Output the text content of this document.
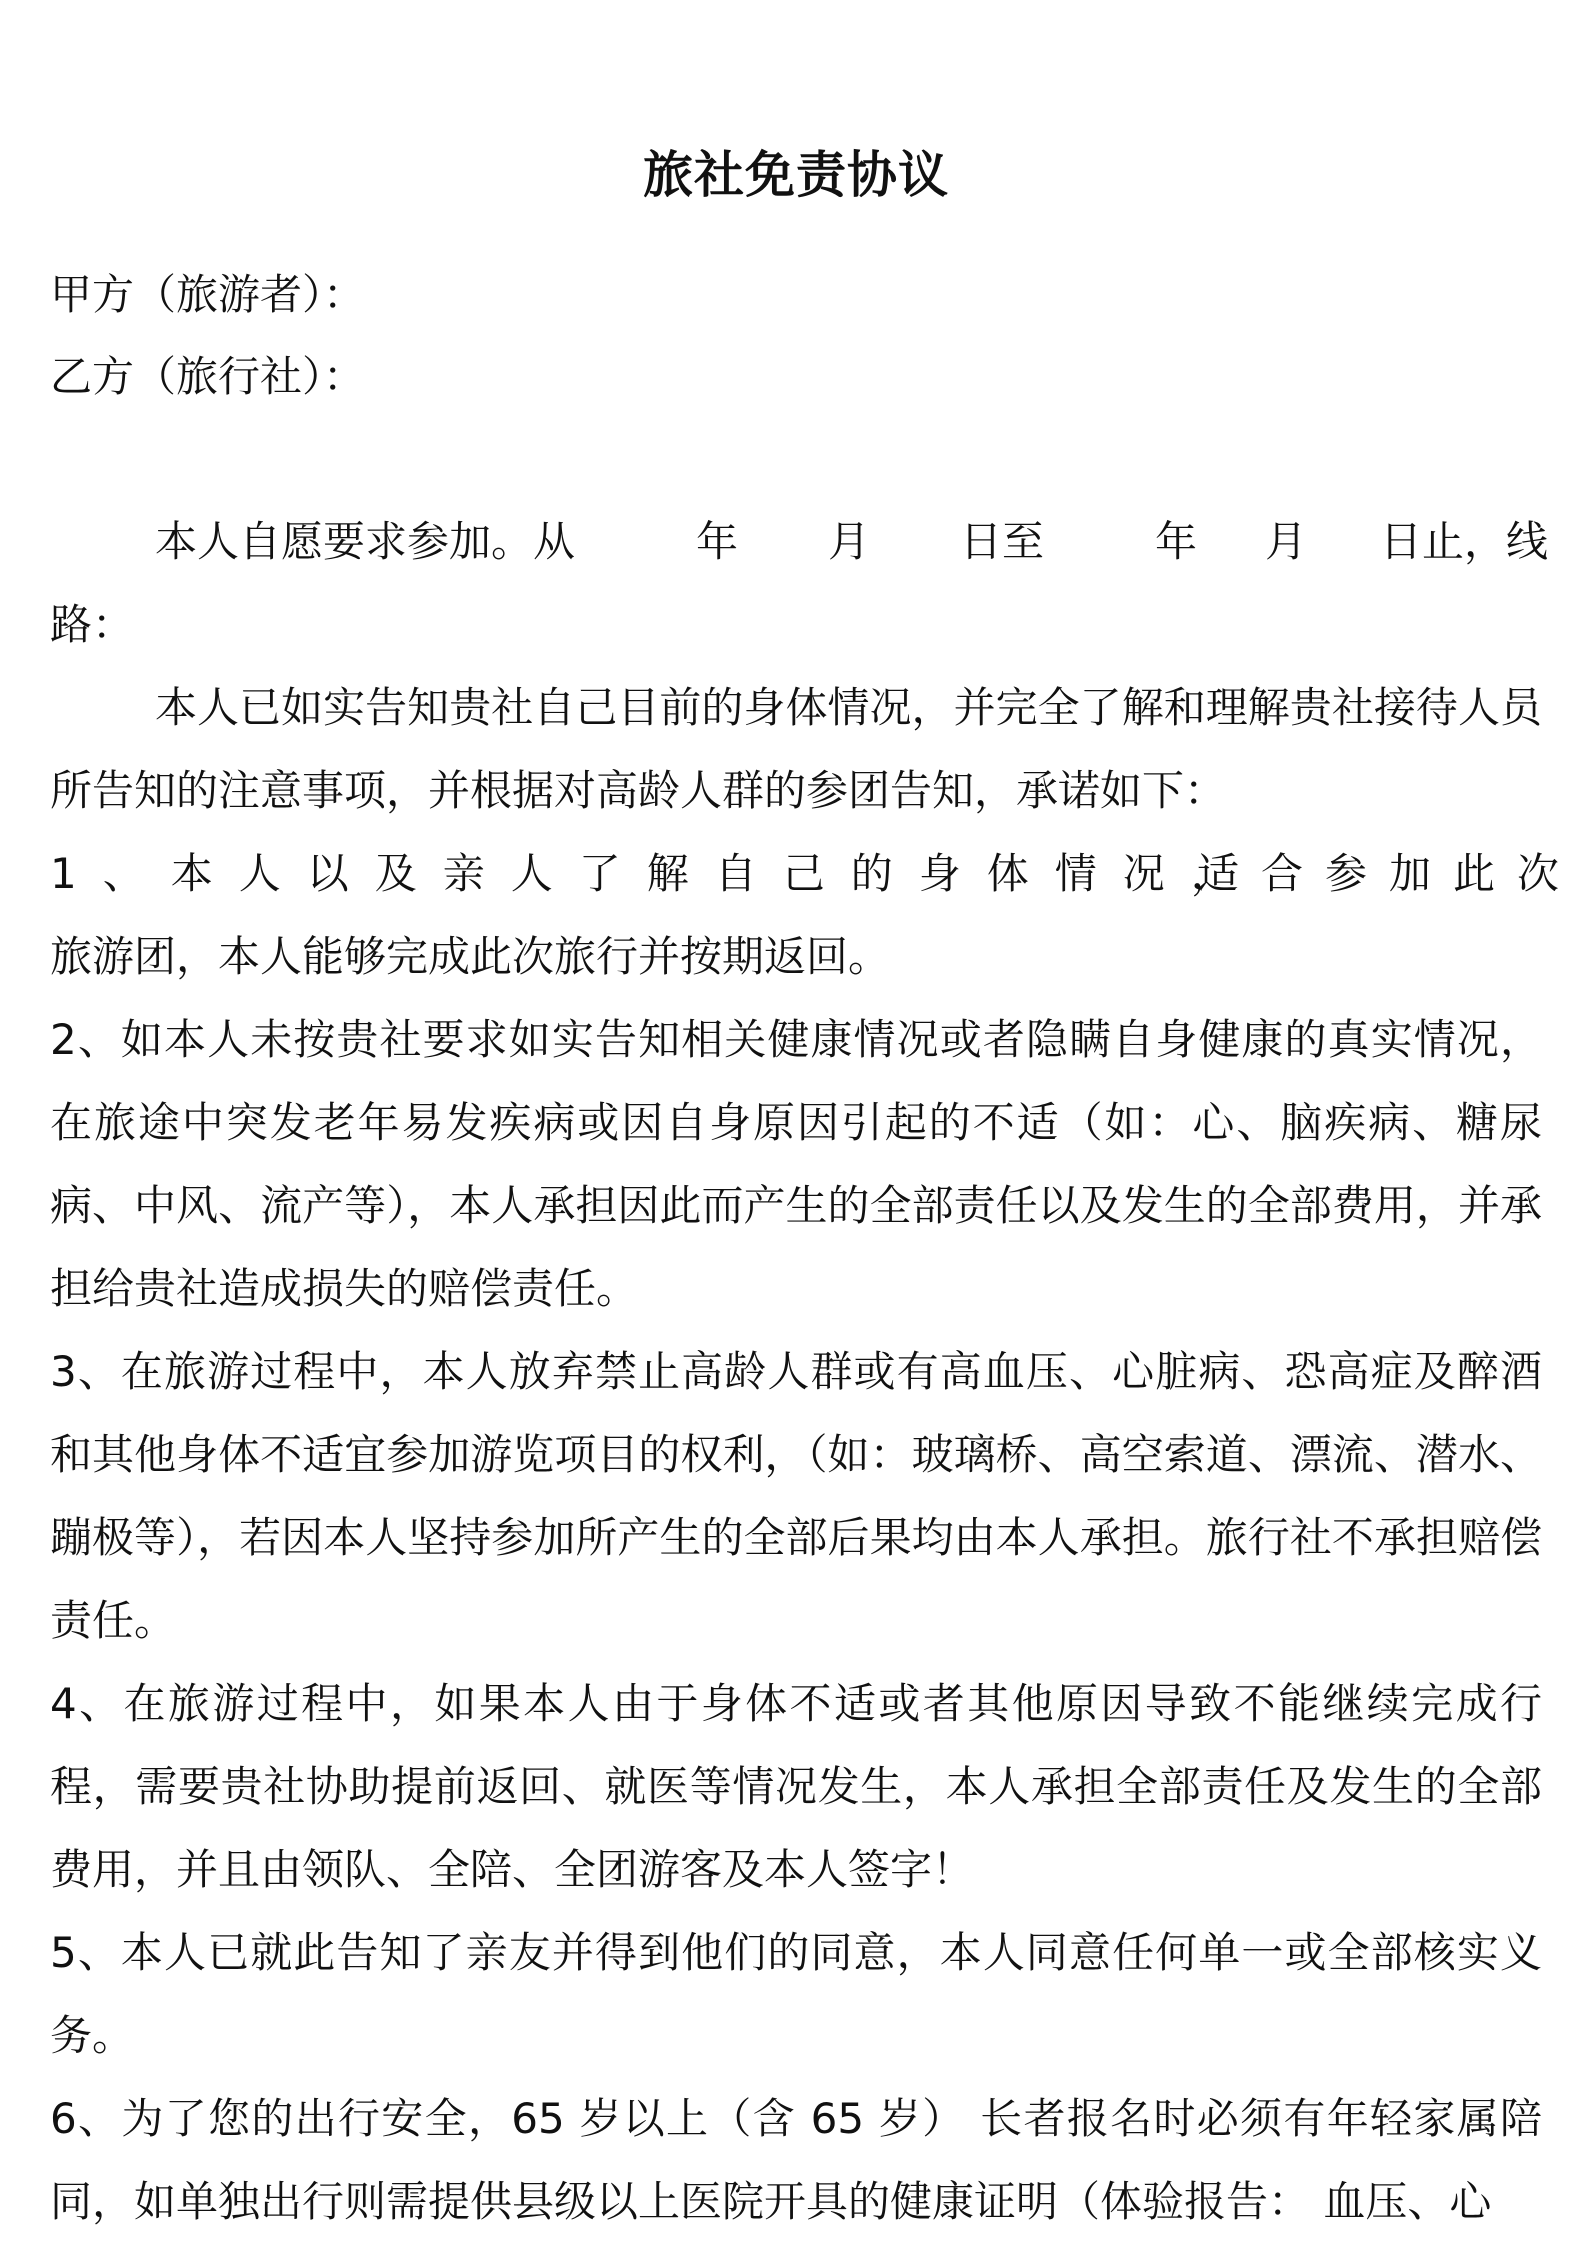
旅社免责协议

甲方（旅游者）：

乙方（旅行社）：

本人自愿要求参加。从	年 月 日至	年 月 日止，线

路：

本人已如实告知贵社自己目前的身体情况，并完全了解和理解贵社接待人员所告知的注意事项，并根据对高龄人群的参团告知，承诺如下：

1、本人以及亲人了解自己的身体情况，
适合参加此次

旅游团，本人能够完成此次旅行并按期返回。

2、如本人未按贵社要求如实告知相关健康情况或者隐瞒自身健康的真实情况，在旅途中突发老年易发疾病或因自身原因引起的不适（如：心、脑疾病、糖尿病、中风、流产等），本人承担因此而产生的全部责任以及发生的全部费用，并承担给贵社造成损失的赔偿责任。

3、在旅游过程中，本人放弃禁止高龄人群或有高血压、心脏病、恐高症及醉酒和其他身体不适宜参加游览项目的权利，（如：玻璃桥、高空索道、漂流、潜水、蹦极等），若因本人坚持参加所产生的全部后果均由本人承担。旅行社不承担赔偿责任。

4、在旅游过程中，如果本人由于身体不适或者其他原因导致不能继续完成行程，需要贵社协助提前返回、就医等情况发生，本人承担全部责任及发生的全部费用，并且由领队、全陪、全团游客及本人签字！

5、本人已就此告知了亲友并得到他们的同意，本人同意任何单一或全部核实义务。

6、为了您的出行安全，65 岁以上（含 65 岁） 长者报名时必须有年轻家属陪同，如单独出行则需提供县级以上医院开具的健康证明（体验报告： 血压、心
